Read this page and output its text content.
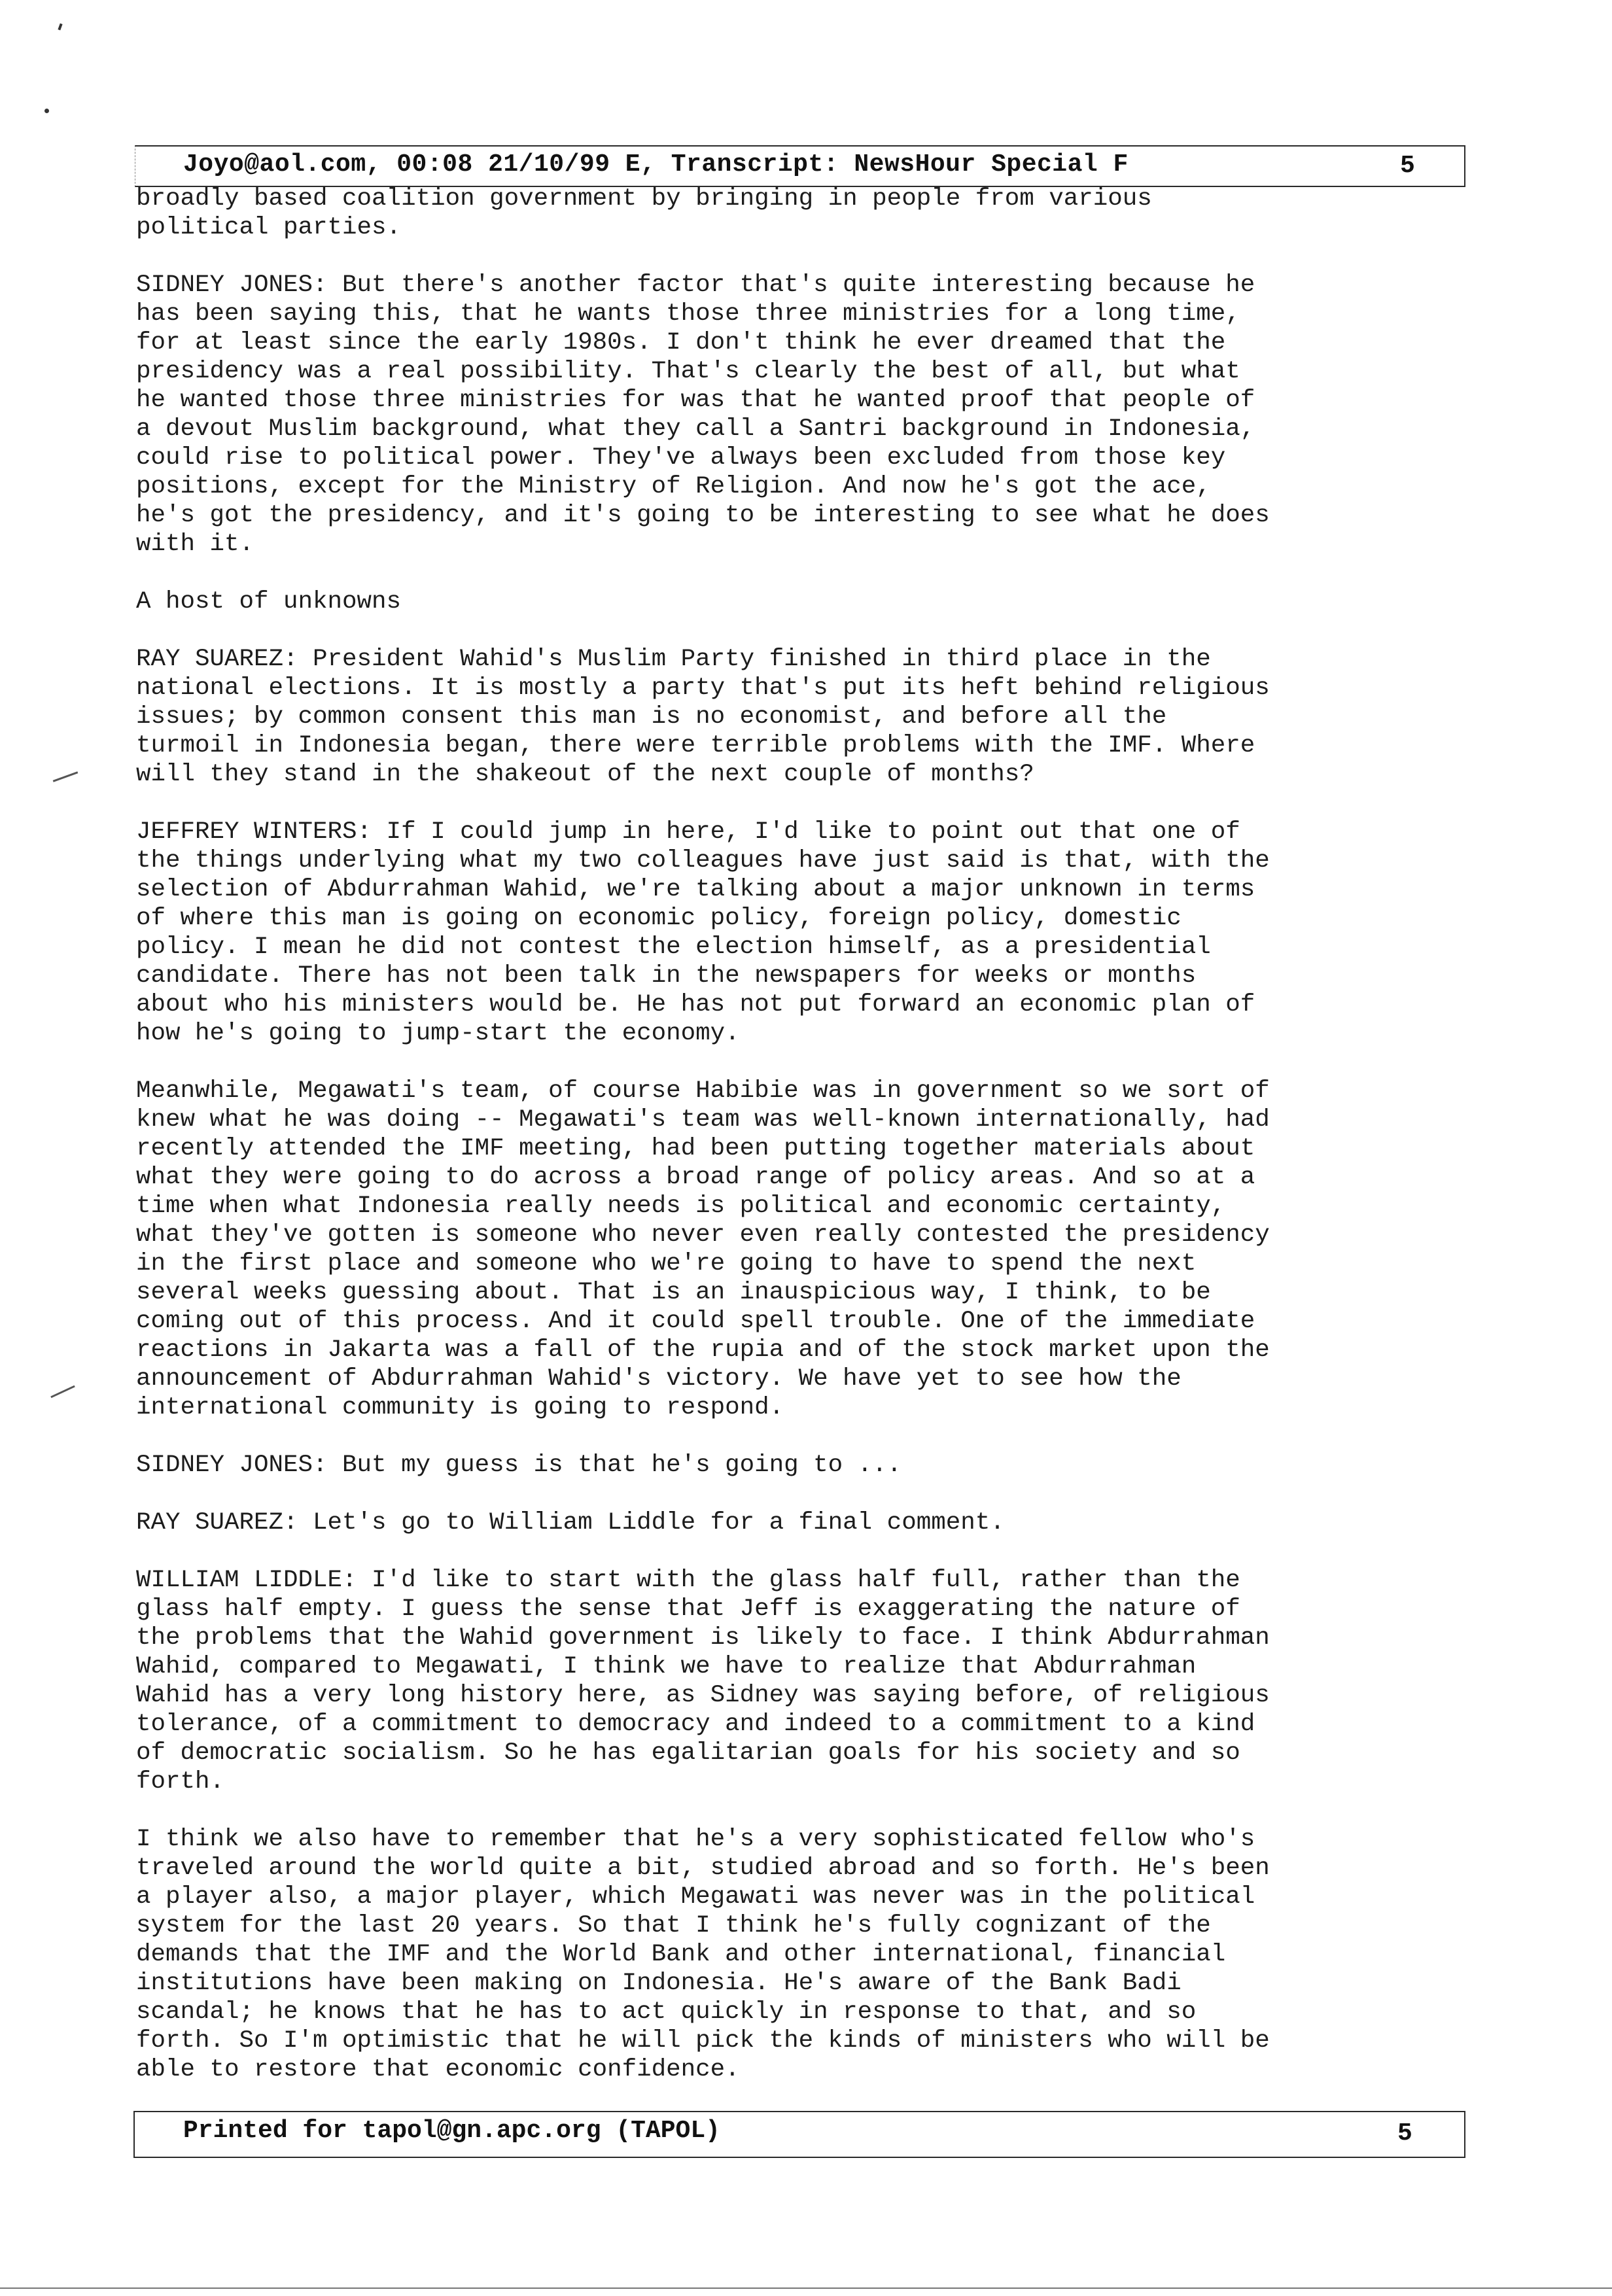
Joyo@aol.com, 00:08 21/10/99 E, Transcript: NewsHour Special F	5

broadly based coalition government by bringing in people from various
political parties.

SIDNEY JONES: But there's another factor that's quite interesting because he
has been saying this, that he wants those three ministries for a long time,
for at least since the early 1980s. I don't think he ever dreamed that the
presidency was a real possibility. That's clearly the best of all, but what
he wanted those three ministries for was that he wanted proof that people of
a devout Muslim background, what they call a Santri background in Indonesia,
could rise to political power. They've always been excluded from those key
positions, except for the Ministry of Religion. And now he's got the ace,
he's got the presidency, and it's going to be interesting to see what he does
with it.

A host of unknowns

RAY SUAREZ: President Wahid's Muslim Party finished in third place in the
national elections. It is mostly a party that's put its heft behind religious
issues; by common consent this man is no economist, and before all the
turmoil in Indonesia began, there were terrible problems with the IMF. Where
will they stand in the shakeout of the next couple of months?

JEFFREY WINTERS: If I could jump in here, I'd like to point out that one of
the things underlying what my two colleagues have just said is that, with the
selection of Abdurrahman Wahid, we're talking about a major unknown in terms
of where this man is going on economic policy, foreign policy, domestic
policy. I mean he did not contest the election himself, as a presidential
candidate. There has not been talk in the newspapers for weeks or months
about who his ministers would be. He has not put forward an economic plan of
how he's going to jump-start the economy.

Meanwhile, Megawati's team, of course Habibie was in government so we sort of
knew what he was doing -- Megawati's team was well-known internationally, had
recently attended the IMF meeting, had been putting together materials about
what they were going to do across a broad range of policy areas. And so at a
time when what Indonesia really needs is political and economic certainty,
what they've gotten is someone who never even really contested the presidency
in the first place and someone who we're going to have to spend the next
several weeks guessing about. That is an inauspicious way, I think, to be
coming out of this process. And it could spell trouble. One of the immediate
reactions in Jakarta was a fall of the rupia and of the stock market upon the
announcement of Abdurrahman Wahid's victory. We have yet to see how the
international community is going to respond.

SIDNEY JONES: But my guess is that he's going to ...

RAY SUAREZ: Let's go to William Liddle for a final comment.

WILLIAM LIDDLE: I'd like to start with the glass half full, rather than the
glass half empty. I guess the sense that Jeff is exaggerating the nature of
the problems that the Wahid government is likely to face. I think Abdurrahman
Wahid, compared to Megawati, I think we have to realize that Abdurrahman
Wahid has a very long history here, as Sidney was saying before, of religious
tolerance, of a commitment to democracy and indeed to a commitment to a kind
of democratic socialism. So he has egalitarian goals for his society and so
forth.

I think we also have to remember that he's a very sophisticated fellow who's
traveled around the world quite a bit, studied abroad and so forth. He's been
a player also, a major player, which Megawati was never was in the political
system for the last 20 years. So that I think he's fully cognizant of the
demands that the IMF and the World Bank and other international, financial
institutions have been making on Indonesia. He's aware of the Bank Badi
scandal; he knows that he has to act quickly in response to that, and so
forth. So I'm optimistic that he will pick the kinds of ministers who will be
able to restore that economic confidence.

Printed for tapol@gn.apc.org (TAPOL)	5
